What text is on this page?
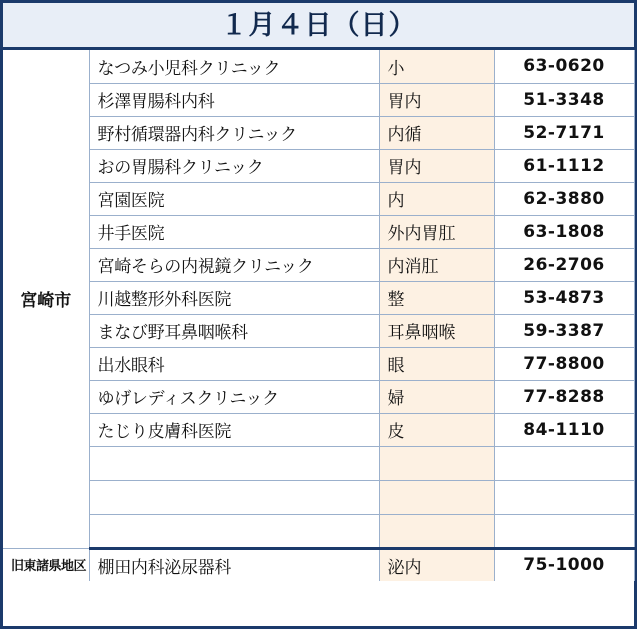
１月４日（日）
宮崎市	なつみ小児科クリニック	小	63-0620
	杉澤胃腸科内科	胃内	51-3348
	野村循環器内科クリニック	内循	52-7171
	おの胃腸科クリニック	胃内	61-1112
	宮園医院	内	62-3880
	井手医院	外内胃肛	63-1808
	宮崎そらの内視鏡クリニック	内消肛	26-2706
	川越整形外科医院	整	53-4873
	まなび野耳鼻咽喉科	耳鼻咽喉	59-3387
	出水眼科	眼	77-8800
	ゆげレディスクリニック	婦	77-8288
	たじり皮膚科医院	皮	84-1110

旧東諸県地区	棚田内科泌尿器科	泌内	75-1000
